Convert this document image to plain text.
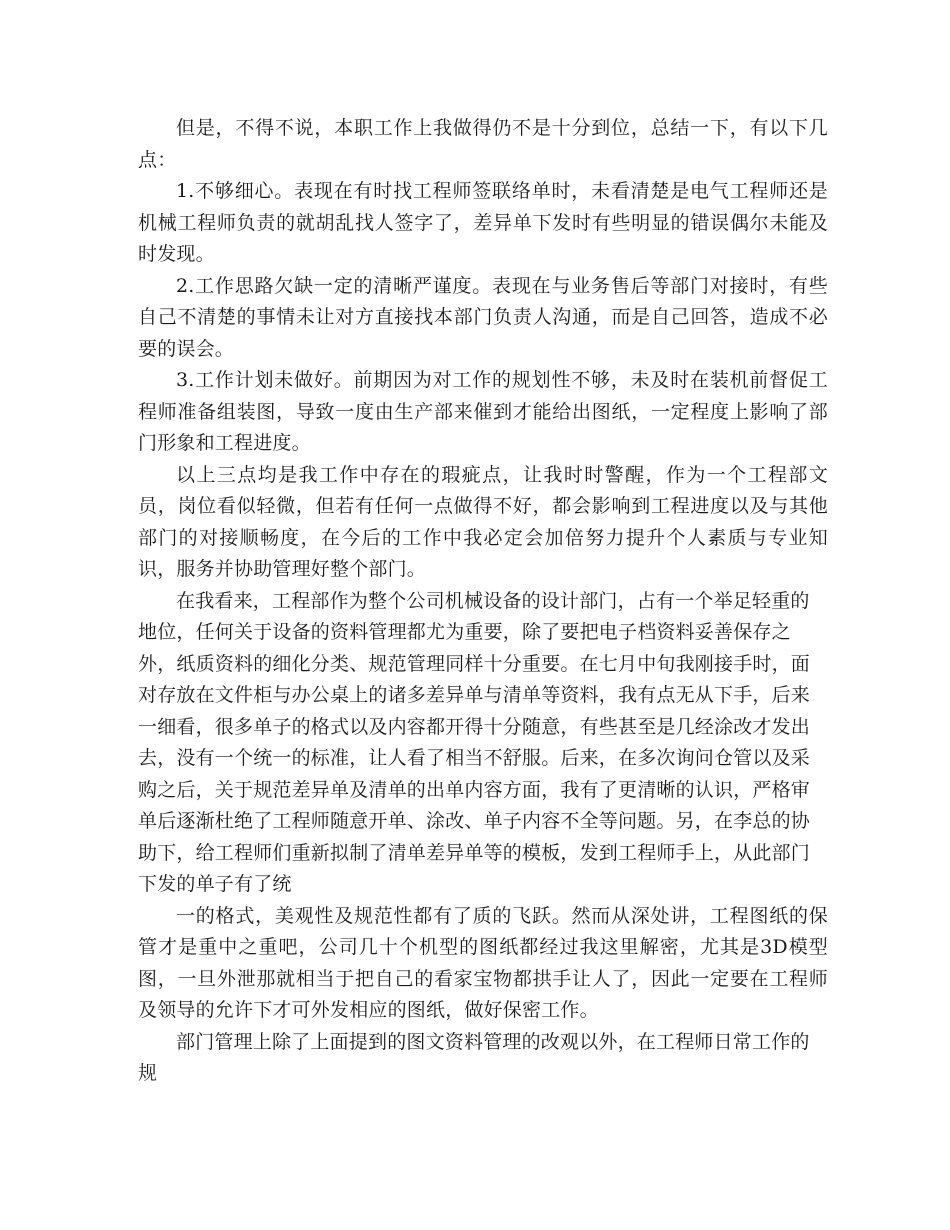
但是，不得不说，本职工作上我做得仍不是十分到位，总结一下，有以下几点：

1.不够细心。表现在有时找工程师签联络单时，未看清楚是电气工程师还是机械工程师负责的就胡乱找人签字了，差异单下发时有些明显的错误偶尔未能及时发现。

2.工作思路欠缺一定的清晰严谨度。表现在与业务售后等部门对接时，有些自己不清楚的事情未让对方直接找本部门负责人沟通，而是自己回答，造成不必要的误会。

3.工作计划未做好。前期因为对工作的规划性不够，未及时在装机前督促工程师准备组装图，导致一度由生产部来催到才能给出图纸，一定程度上影响了部门形象和工程进度。

以上三点均是我工作中存在的瑕疵点，让我时时警醒，作为一个工程部文员，岗位看似轻微，但若有任何一点做得不好，都会影响到工程进度以及与其他部门的对接顺畅度，在今后的工作中我必定会加倍努力提升个人素质与专业知识，服务并协助管理好整个部门。

在我看来，工程部作为整个公司机械设备的设计部门，占有一个举足轻重的地位，任何关于设备的资料管理都尤为重要，除了要把电子档资料妥善保存之外，纸质资料的细化分类、规范管理同样十分重要。在七月中旬我刚接手时，面对存放在文件柜与办公桌上的诸多差异单与清单等资料，我有点无从下手，后来一细看，很多单子的格式以及内容都开得十分随意，有些甚至是几经涂改才发出去，没有一个统一的标准，让人看了相当不舒服。后来，在多次询问仓管以及采购之后，关于规范差异单及清单的出单内容方面，我有了更清晰的认识，严格审单后逐渐杜绝了工程师随意开单、涂改、单子内容不全等问题。另，在李总的协助下，给工程师们重新拟制了清单差异单等的模板，发到工程师手上，从此部门下发的单子有了统

一的格式，美观性及规范性都有了质的飞跃。然而从深处讲，工程图纸的保管才是重中之重吧，公司几十个机型的图纸都经过我这里解密，尤其是3D模型图，一旦外泄那就相当于把自己的看家宝物都拱手让人了，因此一定要在工程师及领导的允许下才可外发相应的图纸，做好保密工作。

部门管理上除了上面提到的图文资料管理的改观以外，在工程师日常工作的规
